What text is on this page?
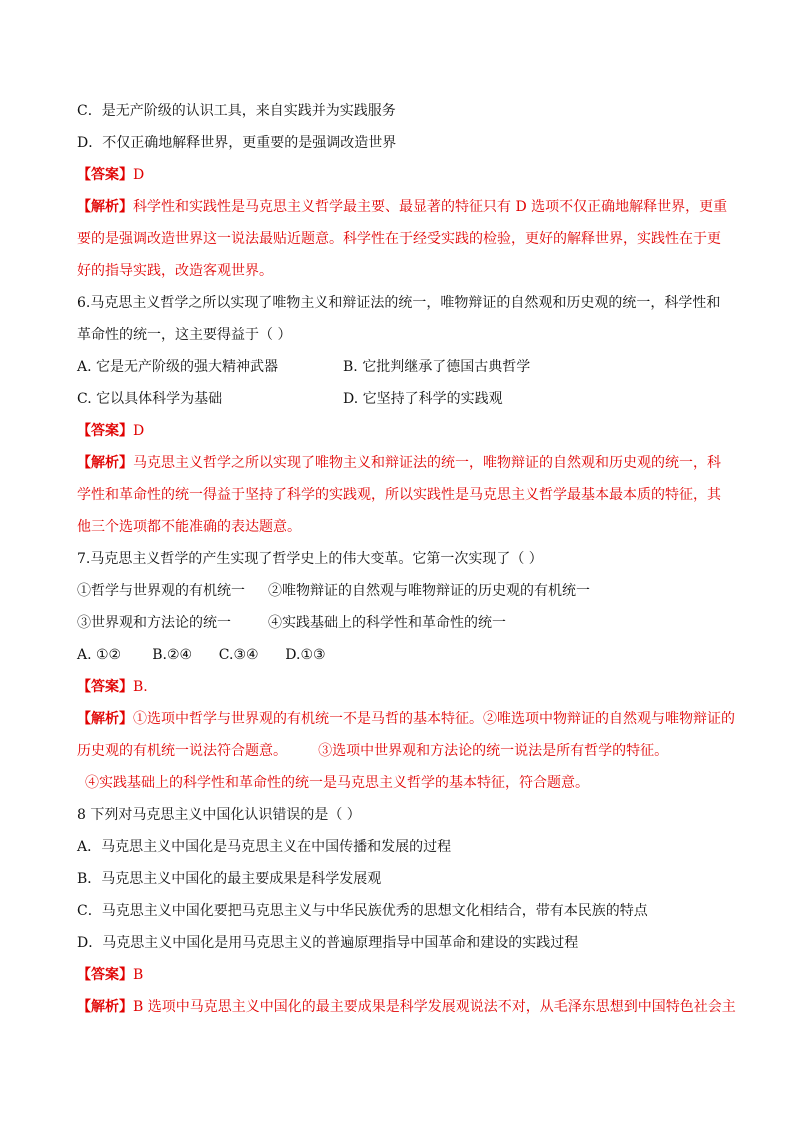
C．是无产阶级的认识工具，来自实践并为实践服务
D．不仅正确地解释世界，更重要的是强调改造世界
【答案】D
【解析】科学性和实践性是马克思主义哲学最主要、最显著的特征只有 D 选项不仅正确地解释世界，更重
要的是强调改造世界这一说法最贴近题意。科学性在于经受实践的检验，更好的解释世界，实践性在于更
好的指导实践，改造客观世界。
6.马克思主义哲学之所以实现了唯物主义和辩证法的统一，唯物辩证的自然观和历史观的统一，科学性和
革命性的统一，这主要得益于（ ）
A. 它是无产阶级的强大精神武器	B. 它批判继承了德国古典哲学
C. 它以具体科学为基础	D. 它坚持了科学的实践观
【答案】D
【解析】马克思主义哲学之所以实现了唯物主义和辩证法的统一，唯物辩证的自然观和历史观的统一，科
学性和革命性的统一得益于坚持了科学的实践观，所以实践性是马克思主义哲学最基本最本质的特征，其
他三个选项都不能准确的表达题意。
7.马克思主义哲学的产生实现了哲学史上的伟大变革。它第一次实现了（ ）
①哲学与世界观的有机统一 ②唯物辩证的自然观与唯物辩证的历史观的有机统一
③世界观和方法论的统一	④实践基础上的科学性和革命性的统一
A. ①②       B.②④      C.③④      D.①③
【答案】B.
【解析】①选项中哲学与世界观的有机统一不是马哲的基本特征。②唯选项中物辩证的自然观与唯物辩证的
历史观的有机统一说法符合题意。       ③选项中世界观和方法论的统一说法是所有哲学的特征。
④实践基础上的科学性和革命性的统一是马克思主义哲学的基本特征，符合题意。
8 下列对马克思主义中国化认识错误的是（ ）
A．马克思主义中国化是马克思主义在中国传播和发展的过程
B．马克思主义中国化的最主要成果是科学发展观
C．马克思主义中国化要把马克思主义与中华民族优秀的思想文化相结合，带有本民族的特点
D．马克思主义中国化是用马克思主义的普遍原理指导中国革命和建设的实践过程
【答案】B
【解析】B 选项中马克思主义中国化的最主要成果是科学发展观说法不对，从毛泽东思想到中国特色社会主
